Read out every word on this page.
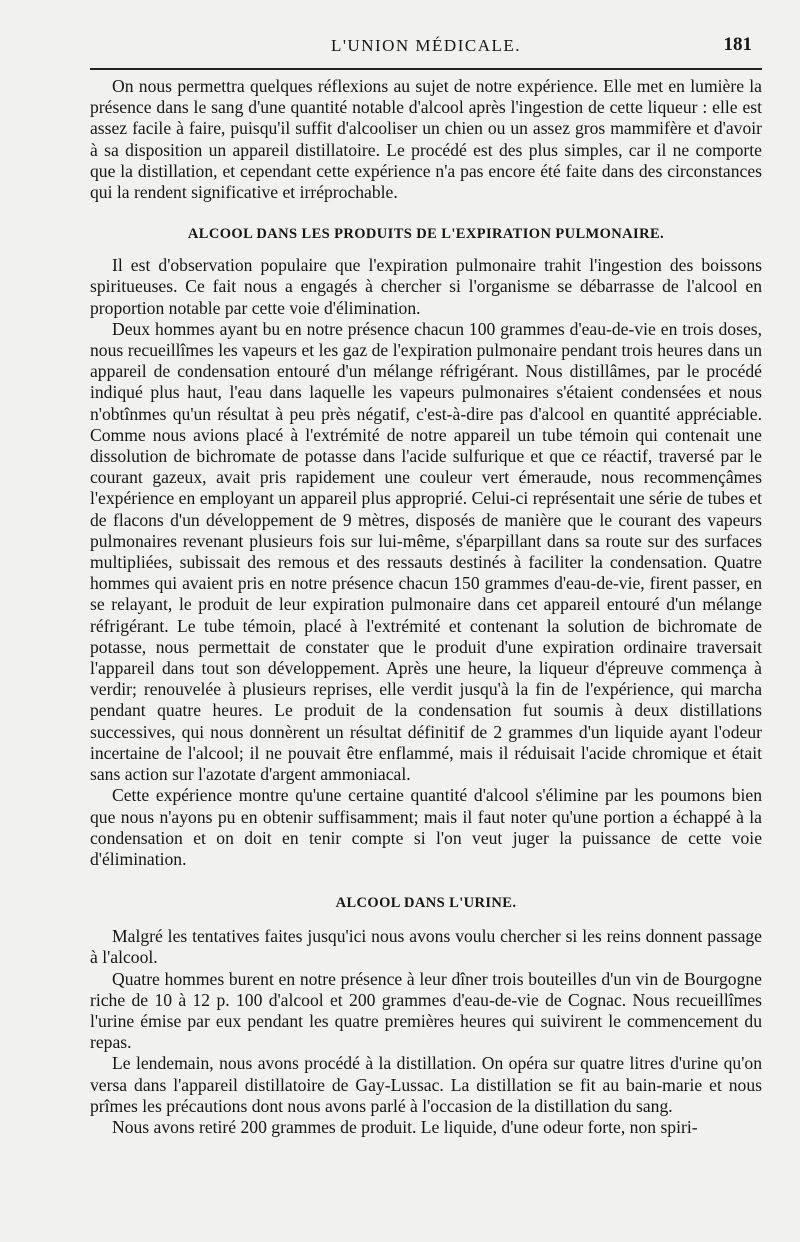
L'UNION MÉDICALE.	181

On nous permettra quelques réflexions au sujet de notre expérience. Elle met en lumière la présence dans le sang d'une quantité notable d'alcool après l'ingestion de cette liqueur : elle est assez facile à faire, puisqu'il suffit d'alcooliser un chien ou un assez gros mammifère et d'avoir à sa disposition un appareil distillatoire. Le procédé est des plus simples, car il ne comporte que la distillation, et cependant cette expérience n'a pas encore été faite dans des circonstances qui la rendent significative et irréprochable.

ALCOOL DANS LES PRODUITS DE L'EXPIRATION PULMONAIRE.

Il est d'observation populaire que l'expiration pulmonaire trahit l'ingestion des boissons spiritueuses. Ce fait nous a engagés à chercher si l'organisme se débarrasse de l'alcool en proportion notable par cette voie d'élimination.

Deux hommes ayant bu en notre présence chacun 100 grammes d'eau-de-vie en trois doses, nous recueillîmes les vapeurs et les gaz de l'expiration pulmonaire pendant trois heures dans un appareil de condensation entouré d'un mélange réfrigérant. Nous distillâmes, par le procédé indiqué plus haut, l'eau dans laquelle les vapeurs pulmonaires s'étaient condensées et nous n'obtînmes qu'un résultat à peu près négatif, c'est-à-dire pas d'alcool en quantité appréciable. Comme nous avions placé à l'extrémité de notre appareil un tube témoin qui contenait une dissolution de bichromate de potasse dans l'acide sulfurique et que ce réactif, traversé par le courant gazeux, avait pris rapidement une couleur vert émeraude, nous recommençâmes l'expérience en employant un appareil plus approprié. Celui-ci représentait une série de tubes et de flacons d'un développement de 9 mètres, disposés de manière que le courant des vapeurs pulmonaires revenant plusieurs fois sur lui-même, s'éparpillant dans sa route sur des surfaces multipliées, subissait des remous et des ressauts destinés à faciliter la condensation. Quatre hommes qui avaient pris en notre présence chacun 150 grammes d'eau-de-vie, firent passer, en se relayant, le produit de leur expiration pulmonaire dans cet appareil entouré d'un mélange réfrigérant. Le tube témoin, placé à l'extrémité et contenant la solution de bichromate de potasse, nous permettait de constater que le produit d'une expiration ordinaire traversait l'appareil dans tout son développement. Après une heure, la liqueur d'épreuve commença à verdir; renouvelée à plusieurs reprises, elle verdit jusqu'à la fin de l'expérience, qui marcha pendant quatre heures. Le produit de la condensation fut soumis à deux distillations successives, qui nous donnèrent un résultat définitif de 2 grammes d'un liquide ayant l'odeur incertaine de l'alcool; il ne pouvait être enflammé, mais il réduisait l'acide chromique et était sans action sur l'azotate d'argent ammoniacal.

Cette expérience montre qu'une certaine quantité d'alcool s'élimine par les poumons bien que nous n'ayons pu en obtenir suffisamment; mais il faut noter qu'une portion a échappé à la condensation et on doit en tenir compte si l'on veut juger la puissance de cette voie d'élimination.

ALCOOL DANS L'URINE.

Malgré les tentatives faites jusqu'ici nous avons voulu chercher si les reins donnent passage à l'alcool.

Quatre hommes burent en notre présence à leur dîner trois bouteilles d'un vin de Bourgogne riche de 10 à 12 p. 100 d'alcool et 200 grammes d'eau-de-vie de Cognac. Nous recueillîmes l'urine émise par eux pendant les quatre premières heures qui suivirent le commencement du repas.

Le lendemain, nous avons procédé à la distillation. On opéra sur quatre litres d'urine qu'on versa dans l'appareil distillatoire de Gay-Lussac. La distillation se fit au bain-marie et nous prîmes les précautions dont nous avons parlé à l'occasion de la distillation du sang.

Nous avons retiré 200 grammes de produit. Le liquide, d'une odeur forte, non spiri-
